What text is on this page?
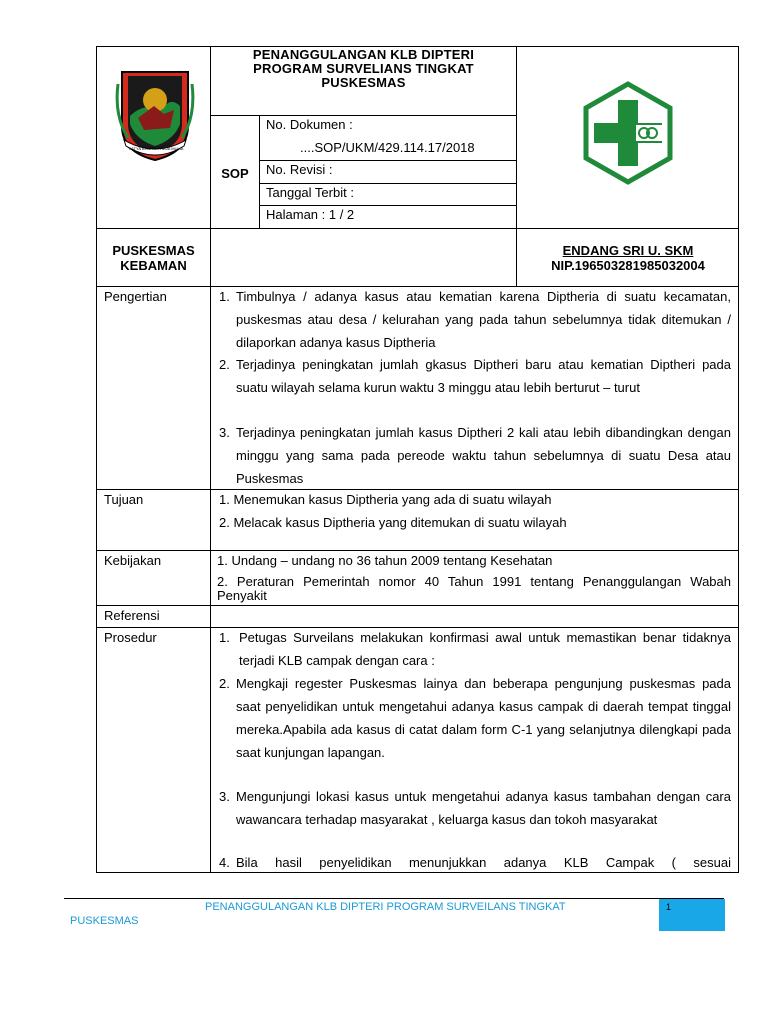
SATYA BHAKTI PRAJA MULIA
PENANGGULANGAN KLB DIPTERI
PROGRAM SURVELIANS TINGKAT
PUSKESMAS
SOP
No. Dokumen :
....SOP/UKM/429.114.17/2018
No. Revisi :
Tanggal Terbit :
Halaman : 1 / 2
PUSKESMAS
KEBAMAN
ENDANG SRI U. SKM
NIP.196503281985032004
Pengertian	1. Timbulnya / adanya kasus atau kematian karena Diptheria di suatu kecamatan, puskesmas atau desa / kelurahan yang pada tahun sebelumnya tidak ditemukan / dilaporkan adanya kasus Diptheria
2. Terjadinya peningkatan jumlah gkasus Diptheri baru atau kematian Diptheri pada suatu wilayah selama kurun waktu 3 minggu atau lebih berturut – turut
3. Terjadinya peningkatan jumlah kasus Diptheri 2 kali atau lebih dibandingkan dengan minggu yang sama pada pereode waktu tahun sebelumnya di suatu Desa atau Puskesmas
Tujuan	1. Menemukan kasus Diptheria yang ada di suatu wilayah
2. Melacak kasus Diptheria yang ditemukan di suatu wilayah
Kebijakan	1. Undang – undang no 36 tahun 2009 tentang Kesehatan
2. Peraturan Pemerintah nomor 40 Tahun 1991 tentang Penanggulangan Wabah Penyakit
Referensi
Prosedur	1. Petugas Surveilans melakukan konfirmasi awal untuk memastikan benar tidaknya terjadi KLB campak dengan cara :
2. Mengkaji regester Puskesmas lainya dan beberapa pengunjung puskesmas pada saat penyelidikan untuk mengetahui adanya kasus campak di daerah tempat tinggal mereka.Apabila ada kasus di catat dalam form C-1 yang selanjutnya dilengkapi pada saat kunjungan lapangan.
3. Mengunjungi lokasi kasus untuk mengetahui adanya kasus tambahan dengan cara wawancara terhadap masyarakat , keluarga kasus dan tokoh masyarakat
4. Bila hasil penyelidikan menunjukkan adanya KLB Campak ( sesuai
PENANGGULANGAN KLB DIPTERI PROGRAM SURVEILANS TINGKAT
PUSKESMAS
1
